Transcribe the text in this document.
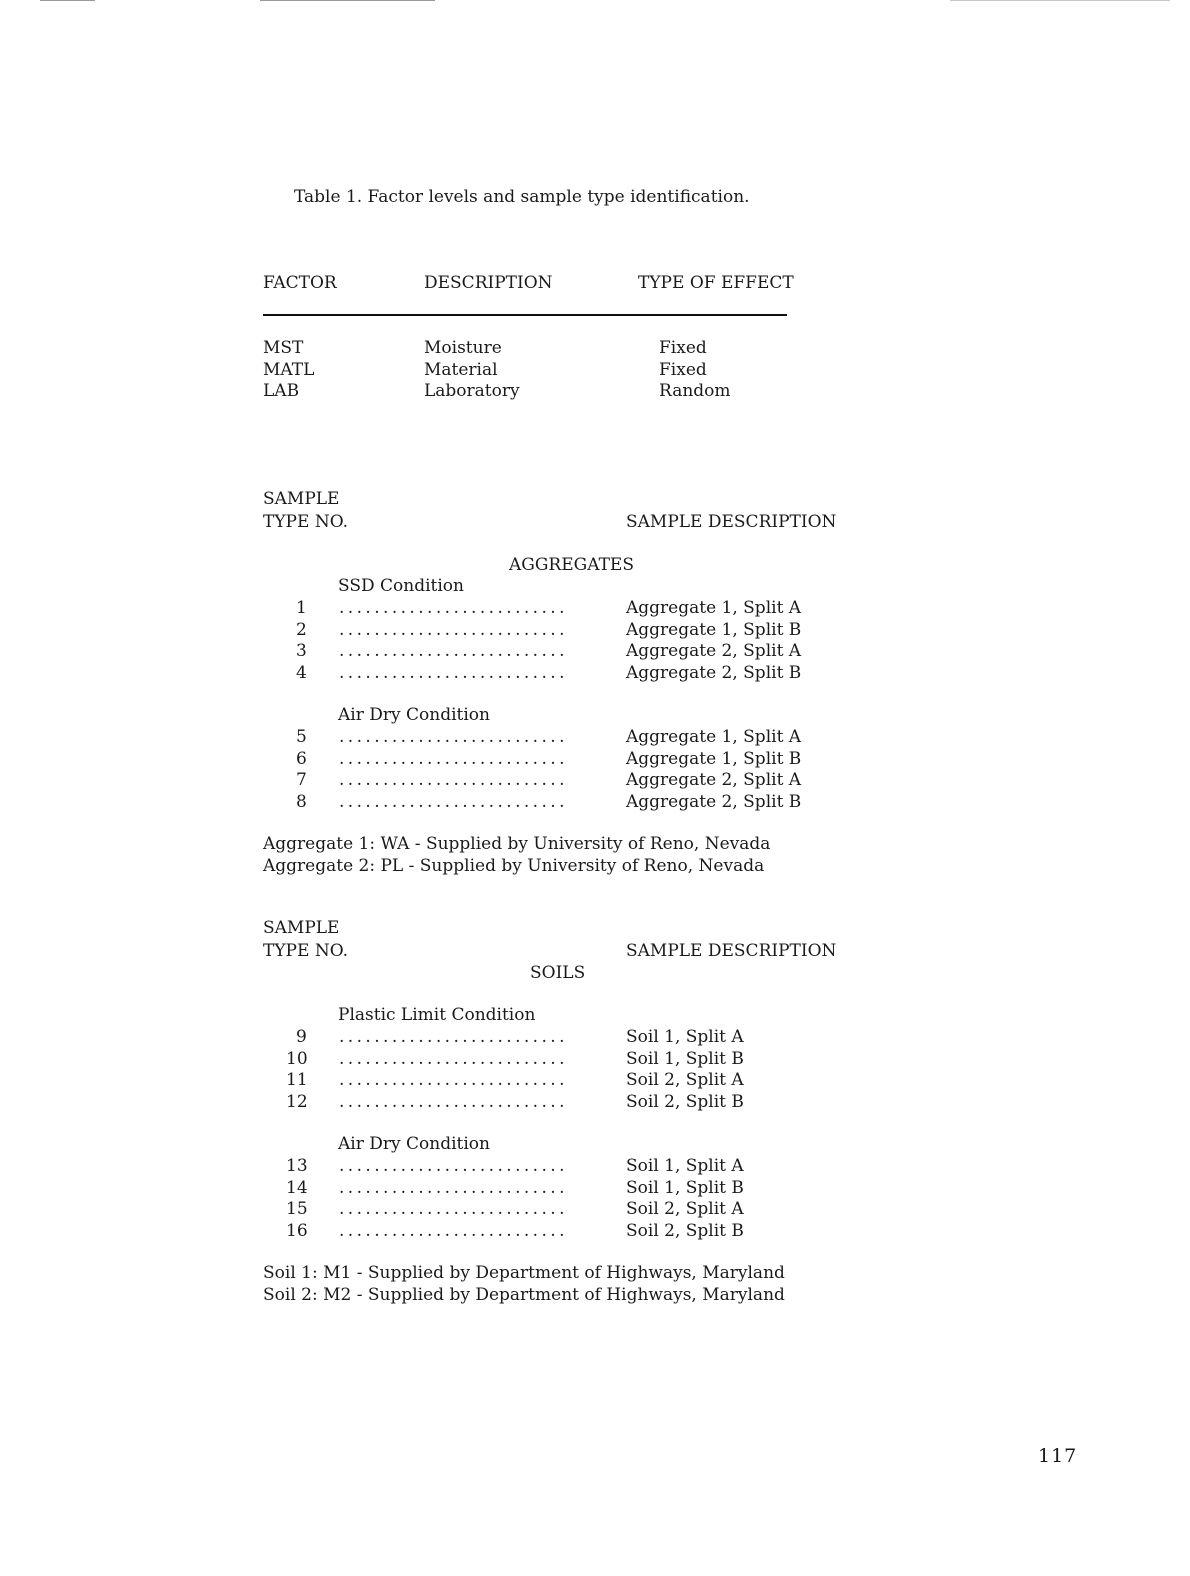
Table 1. Factor levels and sample type identification.
FACTOR	DESCRIPTION	TYPE OF EFFECT
MST	Moisture	Fixed
MATL	Material	Fixed
LAB	Laboratory	Random
SAMPLE
TYPE NO.	SAMPLE DESCRIPTION
AGGREGATES
SSD Condition
1 ..........................	Aggregate 1, Split A
2 ..........................	Aggregate 1, Split B
3 ..........................	Aggregate 2, Split A
4 ..........................	Aggregate 2, Split B
Air Dry Condition
5 ..........................	Aggregate 1, Split A
6 ..........................	Aggregate 1, Split B
7 ..........................	Aggregate 2, Split A
8 ..........................	Aggregate 2, Split B
Aggregate 1: WA - Supplied by University of Reno, Nevada
Aggregate 2: PL - Supplied by University of Reno, Nevada
SAMPLE
TYPE NO.	SAMPLE DESCRIPTION
SOILS
Plastic Limit Condition
9 ..........................	Soil 1, Split A
10 ..........................	Soil 1, Split B
11 ..........................	Soil 2, Split A
12 ..........................	Soil 2, Split B
Air Dry Condition
13 ..........................	Soil 1, Split A
14 ..........................	Soil 1, Split B
15 ..........................	Soil 2, Split A
16 ..........................	Soil 2, Split B
Soil 1: M1 - Supplied by Department of Highways, Maryland
Soil 2: M2 - Supplied by Department of Highways, Maryland
117
